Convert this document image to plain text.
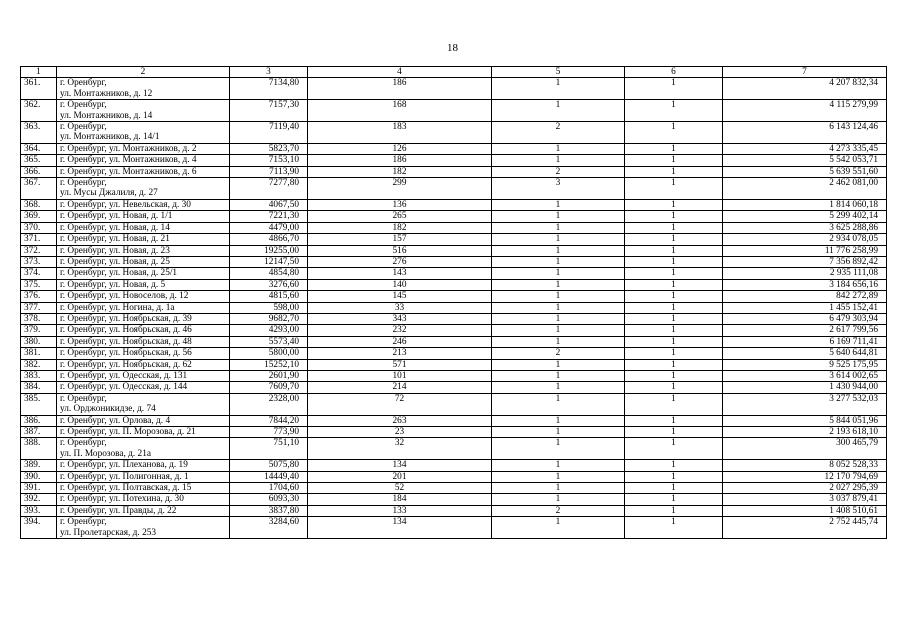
18
1	2	3	4	5	6	7
361.	г. Оренбург,
ул. Монтажников, д. 12	7134,80	186	1	1	4 207 832,34
362.	г. Оренбург,
ул. Монтажников, д. 14	7157,30	168	1	1	4 115 279,99
363.	г. Оренбург,
ул. Монтажников, д. 14/1	7119,40	183	2	1	6 143 124,46
364.	г. Оренбург, ул. Монтажников, д. 2	5823,70	126	1	1	4 273 335,45
365.	г. Оренбург, ул. Монтажников, д. 4	7153,10	186	1	1	5 542 053,71
366.	г. Оренбург, ул. Монтажников, д. 6	7113,90	182	2	1	5 639 551,60
367.	г. Оренбург,
ул. Мусы Джалиля, д. 27	7277,80	299	3	1	2 462 081,00
368.	г. Оренбург, ул. Невельская, д. 30	4067,50	136	1	1	1 814 060,18
369.	г. Оренбург, ул. Новая, д. 1/1	7221,30	265	1	1	5 299 402,14
370.	г. Оренбург, ул. Новая, д. 14	4479,00	182	1	1	3 625 288,86
371.	г. Оренбург, ул. Новая, д. 21	4866,70	157	1	1	2 934 078,05
372.	г. Оренбург, ул. Новая, д. 23	19255,00	516	1	1	11 776 258,99
373.	г. Оренбург, ул. Новая, д. 25	12147,50	276	1	1	7 356 892,42
374.	г. Оренбург, ул. Новая, д. 25/1	4854,80	143	1	1	2 935 111,08
375.	г. Оренбург, ул. Новая, д. 5	3276,60	140	1	1	3 184 656,16
376.	г. Оренбург, ул. Новоселов, д. 12	4815,60	145	1	1	842 272,89
377.	г. Оренбург, ул. Ногина, д. 1а	598,00	33	1	1	1 455 152,41
378.	г. Оренбург, ул. Ноябрьская, д. 39	9682,70	343	1	1	6 479 303,94
379.	г. Оренбург, ул. Ноябрьская, д. 46	4293,00	232	1	1	2 617 799,56
380.	г. Оренбург, ул. Ноябрьская, д. 48	5573,40	246	1	1	6 169 711,41
381.	г. Оренбург, ул. Ноябрьская, д. 56	5800,00	213	2	1	5 640 644,81
382.	г. Оренбург, ул. Ноябрьская, д. 62	15252,10	571	1	1	9 525 175,95
383.	г. Оренбург, ул. Одесская, д. 131	2601,90	101	1	1	3 614 002,65
384.	г. Оренбург, ул. Одесская, д. 144	7609,70	214	1	1	1 430 944,00
385.	г. Оренбург,
ул. Орджоникидзе, д. 74	2328,00	72	1	1	3 277 532,03
386.	г. Оренбург, ул. Орлова, д. 4	7844,20	263	1	1	5 844 051,96
387.	г. Оренбург, ул. П. Морозова, д. 21	773,90	23	1	1	2 193 618,10
388.	г. Оренбург,
ул. П. Морозова, д. 21а	751,10	32	1	1	300 465,79
389.	г. Оренбург, ул. Плеханова, д. 19	5075,80	134	1	1	8 052 528,33
390.	г. Оренбург, ул. Полигонная, д. 1	14449,40	201	1	1	12 170 794,69
391.	г. Оренбург, ул. Полтавская, д. 15	1704,60	52	1	1	2 027 295,39
392.	г. Оренбург, ул. Потехина, д. 30	6093,30	184	1	1	3 037 879,41
393.	г. Оренбург, ул. Правды, д. 22	3837,80	133	2	1	1 408 510,61
394.	г. Оренбург,
ул. Пролетарская, д. 253	3284,60	134	1	1	2 752 445,74
